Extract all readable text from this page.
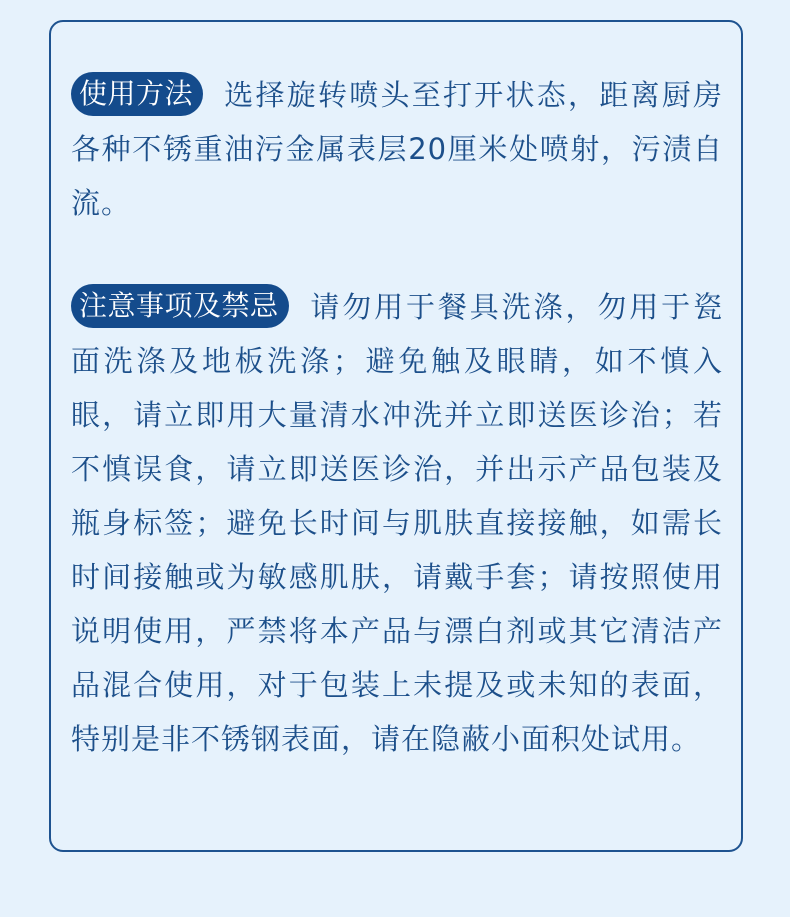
使用方法 选择旋转喷头至打开状态，距离厨房各种不锈重油污金属表层20厘米处喷射，污渍自流。
注意事项及禁忌 请勿用于餐具洗涤，勿用于瓷面洗涤及地板洗涤；避免触及眼睛，如不慎入眼，请立即用大量清水冲洗并立即送医诊治；若不慎误食，请立即送医诊治，并出示产品包装及瓶身标签；避免长时间与肌肤直接接触，如需长时间接触或为敏感肌肤，请戴手套；请按照使用说明使用，严禁将本产品与漂白剂或其它清洁产品混合使用，对于包装上未提及或未知的表面，特别是非不锈钢表面，请在隐蔽小面积处试用。
